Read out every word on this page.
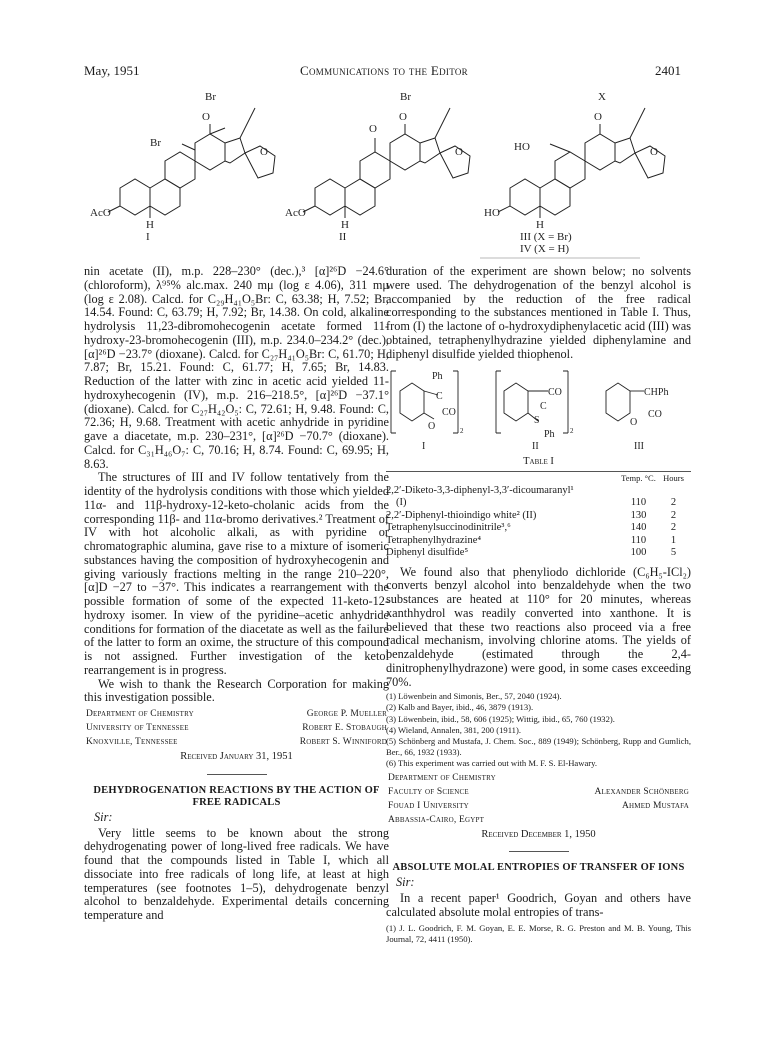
May, 1951	Communications to the Editor	2401
Br
Br
O
O
AcO
H
I
Br
O
O
O
AcO
H
II
X
HO
O
O
HO
H
III (X = Br)
IV (X = H)

nin acetate (II), m.p. 228–230° (dec.),³ [α]²⁶D −24.6° (chloroform), λ⁹⁵% alc.max. 240 mμ (log ε 4.06), 311 mμ (log ε 2.08). Calcd. for C₂₉H₄₁O₅Br: C, 63.38; H, 7.52; Br, 14.54. Found: C, 63.79; H, 7.92; Br, 14.38. On cold, alkaline hydrolysis 11,23-dibromohecogenin acetate formed 11-hydroxy-23-bromohecogenin (III), m.p. 234.0–234.2° (dec.), [α]²⁶D −23.7° (dioxane). Calcd. for C₂₇H₄₁O₅Br: C, 61.70; H, 7.87; Br, 15.21. Found: C, 61.77; H, 7.65; Br, 14.83. Reduction of the latter with zinc in acetic acid yielded 11-hydroxyhecogenin (IV), m.p. 216–218.5°, [α]²⁶D −37.1° (dioxane). Calcd. for C₂₇H₄₂O₅: C, 72.61; H, 9.48. Found: C, 72.36; H, 9.68. Treatment with acetic anhydride in pyridine gave a diacetate, m.p. 230–231°, [α]²⁶D −70.7° (dioxane). Calcd. for C₃₁H₄₆O₇: C, 70.16; H, 8.74. Found: C, 69.95; H, 8.63.

The structures of III and IV follow tentatively from the identity of the hydrolysis conditions with those which yielded 11α- and 11β-hydroxy-12-keto-cholanic acids from the corresponding 11β- and 11α-bromo derivatives.² Treatment of IV with hot alcoholic alkali, as with pyridine or chromatographic alumina, gave rise to a mixture of isomeric substances having the composition of hydroxyhecogenin and giving variously fractions melting in the range 210–220°, [α]D −27 to −37°. This indicates a rearrangement with the possible formation of some of the expected 11-keto-12-hydroxy isomer. In view of the pyridine–acetic anhydride conditions for formation of the diacetate as well as the failure of the latter to form an oxime, the structure of this compound is not assigned. Further investigation of the ketol rearrangement is in progress.

We wish to thank the Research Corporation for making this investigation possible.

Department of Chemistry	George P. Mueller
University of Tennessee	Robert E. Stobaugh
Knoxville, Tennessee	Robert S. Winniford
Received January 31, 1951
DEHYDROGENATION REACTIONS BY THE ACTION OF FREE RADICALS

Sir:

Very little seems to be known about the strong dehydrogenating power of long-lived free radicals. We have found that the compounds listed in Table I, which all dissociate into free radicals of long life, at least at high temperatures (see footnotes 1–5), dehydrogenate benzyl alcohol to benzaldehyde. Experimental details concerning temperature and

duration of the experiment are shown below; no solvents were used. The dehydrogenation of the benzyl alcohol is accompanied by the reduction of the free radical corresponding to the substances mentioned in Table I. Thus, from (I) the lactone of o-hydroxydiphenylacetic acid (III) was obtained, tetraphenylhydrazine yielded diphenylamine and diphenyl disulfide yielded thiophenol.

Ph
C
CO
O	2
CO
C
S
Ph 2
CHPh
CO
O
I	II	III
Table I
	Temp. °C.	Hours
2,2′-Diketo-3,3-diphenyl-3,3′-dicoumaranyl¹		
(I)	110	2
2,2′-Diphenyl-thioindigo white² (II)	130	2
Tetraphenylsuccinodinitrile³,⁶	140	2
Tetraphenylhydrazine⁴	110	1
Diphenyl disulfide⁵	100	5

We found also that phenyliodo dichloride (C₆H₅-ICl₂) converts benzyl alcohol into benzaldehyde when the two substances are heated at 110° for 20 minutes, whereas xanthhydrol was readily converted into xanthone. It is believed that these two reactions also proceed via a free radical mechanism, involving chlorine atoms. The yields of benzaldehyde (estimated through the 2,4-dinitrophenylhydrazone) were good, in some cases exceeding 70%.

(1) Löwenbein and Simonis, Ber., 57, 2040 (1924).

(2) Kalb and Bayer, ibid., 46, 3879 (1913).

(3) Löwenbein, ibid., 58, 606 (1925); Wittig, ibid., 65, 760 (1932).

(4) Wieland, Annalen, 381, 200 (1911).

(5) Schönberg and Mustafa, J. Chem. Soc., 889 (1949); Schönberg, Rupp and Gumlich, Ber., 66, 1932 (1933).

(6) This experiment was carried out with M. F. S. El-Hawary.

Department of Chemistry	
Faculty of Science	Alexander Schönberg
Fouad I University	Ahmed Mustafa
Abbassia-Cairo, Egypt	
Received December 1, 1950
ABSOLUTE MOLAL ENTROPIES OF TRANSFER OF IONS

Sir:

In a recent paper¹ Goodrich, Goyan and others have calculated absolute molal entropies of trans-

(1) J. L. Goodrich, F. M. Goyan, E. E. Morse, R. G. Preston and M. B. Young, This Journal, 72, 4411 (1950).
